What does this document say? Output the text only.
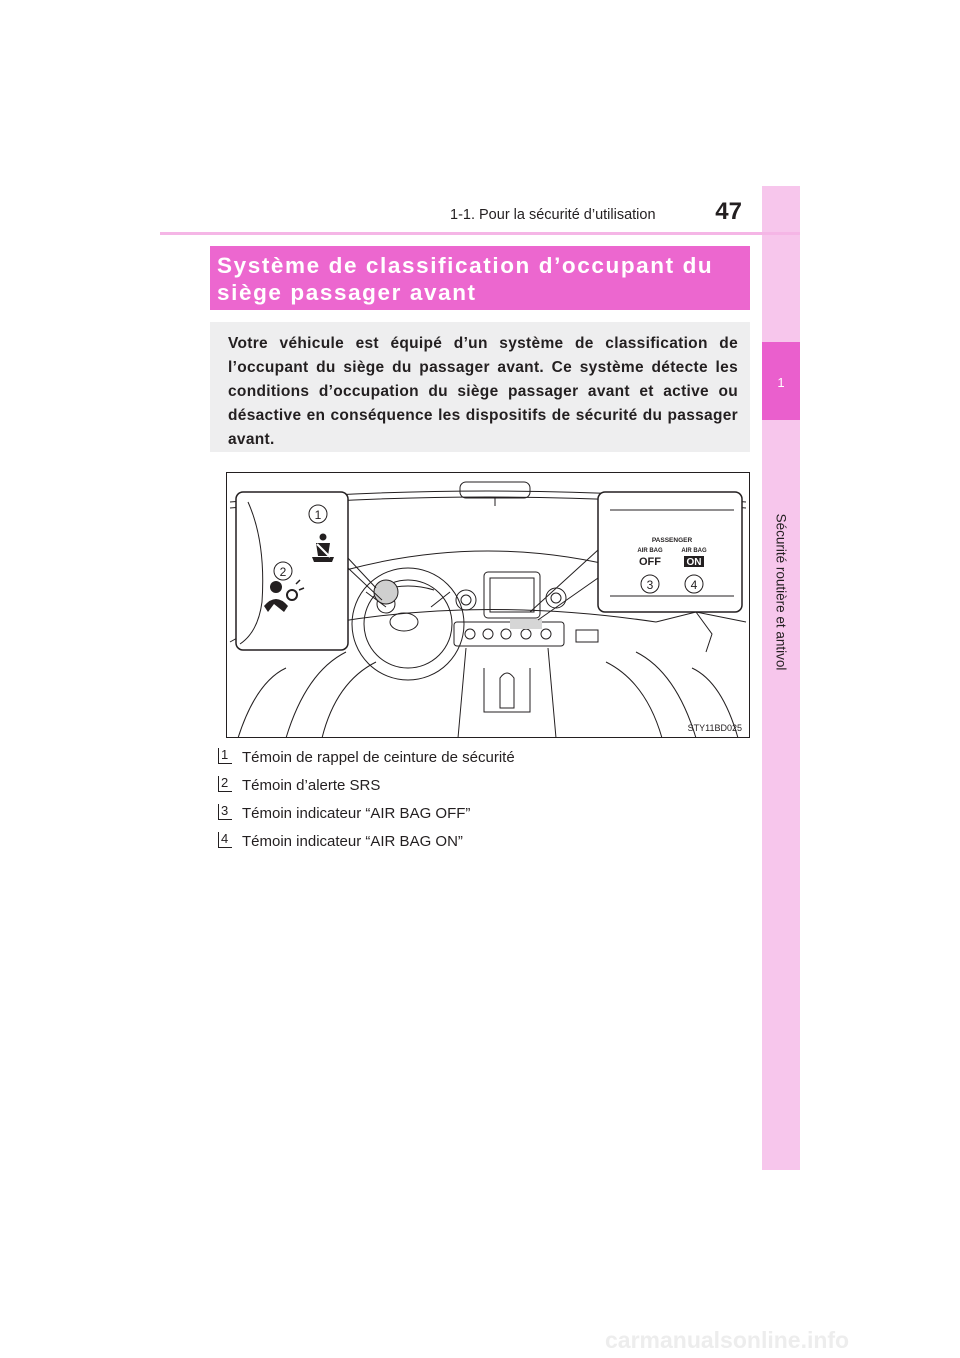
1
Sécurité routière et antivol
1-1. Pour la sécurité d’utilisation	47
Système de classification d’occupant du
siège passager avant

Votre véhicule est équipé d’un système de classification de l’occupant du siège du passager avant. Ce système détecte les conditions d’occupation du siège passager avant et active ou désactive en conséquence les dispositifs de sécurité du passager avant.

1
2
PASSENGER
AIR BAG	AIR BAG
OFF	ON
3	4
STY11BD025
1 Témoin de rappel de ceinture de sécurité
2 Témoin d’alerte SRS
3 Témoin indicateur “AIR BAG OFF”
4 Témoin indicateur “AIR BAG ON”
carmanualsonline.info
